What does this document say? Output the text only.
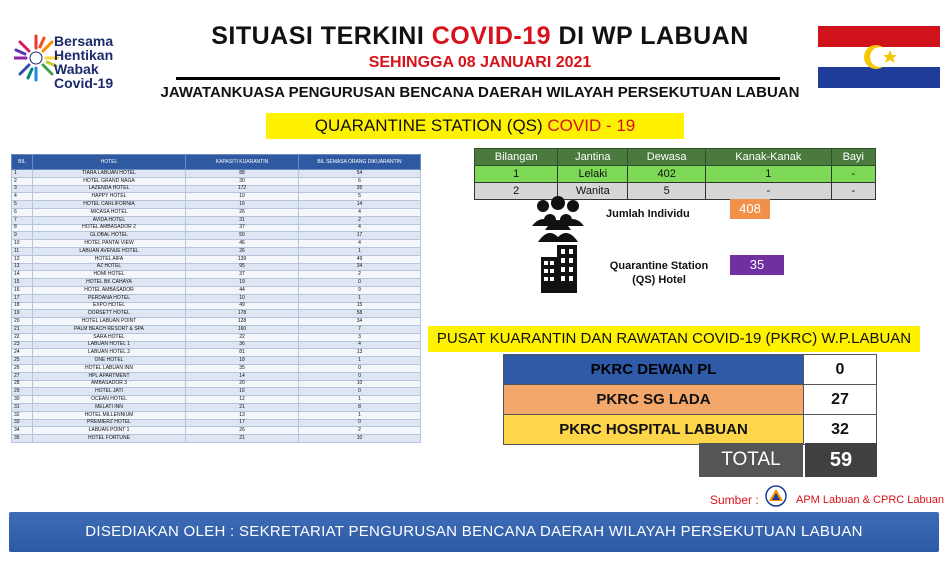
Bersama
Hentikan
Wabak
Covid-19
SITUASI TERKINI COVID-19 DI WP LABUAN
SEHINGGA 08 JANUARI 2021
JAWATANKUASA PENGURUSAN BENCANA DAERAH WILAYAH PERSEKUTUAN LABUAN
QUARANTINE STATION (QS) COVID - 19
BIL	HOTEL	KAPASITI KUARANTIN	BIL SEMASA ORANG DIKUARANTIN
1	TIARA LABUAN HOTEL	88	54
2	HOTEL GRAND NAGA	30	6
3	LAZENDA HOTEL	172	35
4	HAPPY HOTEL	10	5
5	HOTEL CARLIFORNIA	16	14
6	MICASA HOTEL	26	4
7	AVIDA HOTEL	31	2
8	HOTEL AMBASADOR 2	37	4
9	GLOBAL HOTEL	50	17
10	HOTEL PANTAI VIEW	46	4
11	LABUAN AVENUE HOTEL	26	1
12	HOTEL AIFA	139	49
13	AZ HOTEL	95	34
14	HOMI HOTEL	37	2
15	HOTEL BK CAHAYA	19	0
16	HOTEL AMBASADOR	44	9
17	PERDANA HOTEL	10	1
18	EXPO HOTEL	49	15
19	DORSETT HOTEL	178	58
20	HOTEL LABUAN POINT	128	34
21	PALM BEACH RESORT & SPA	160	7
22	SARA HOTEL	22	3
23	LABUAN HOTEL 1	36	4
24	LABUAN HOTEL 2	81	13
25	ONE HOTEL	18	1
26	HOTEL LABUAN INN	35	0
27	HPL APARTMENT	14	0
28	AMBASADOR 3	20	10
29	HOTEL JATI	16	0
30	OCEAN HOTEL	12	1
31	MELATI INN	21	8
32	HOTEL MILLENNIUM	13	1
33	PREMIERZ HOTEL	17	0
34	LABUAN POINT 1	26	2
35	HOTEL FORTUNE	21	10
Bilangan	Jantina	Dewasa	Kanak-Kanak	Bayi
1	Lelaki	402	1	-
2	Wanita	5	-	-
Jumlah Individu	408
Quarantine Station
(QS) Hotel
35
PUSAT KUARANTIN DAN RAWATAN COVID-19 (PKRC) W.P.LABUAN
PKRC DEWAN PL	0
PKRC SG LADA	27
PKRC HOSPITAL LABUAN	32
TOTAL	59
Sumber :	APM Labuan & CPRC Labuan
DISEDIAKAN OLEH : SEKRETARIAT PENGURUSAN BENCANA DAERAH WILAYAH PERSEKUTUAN LABUAN
